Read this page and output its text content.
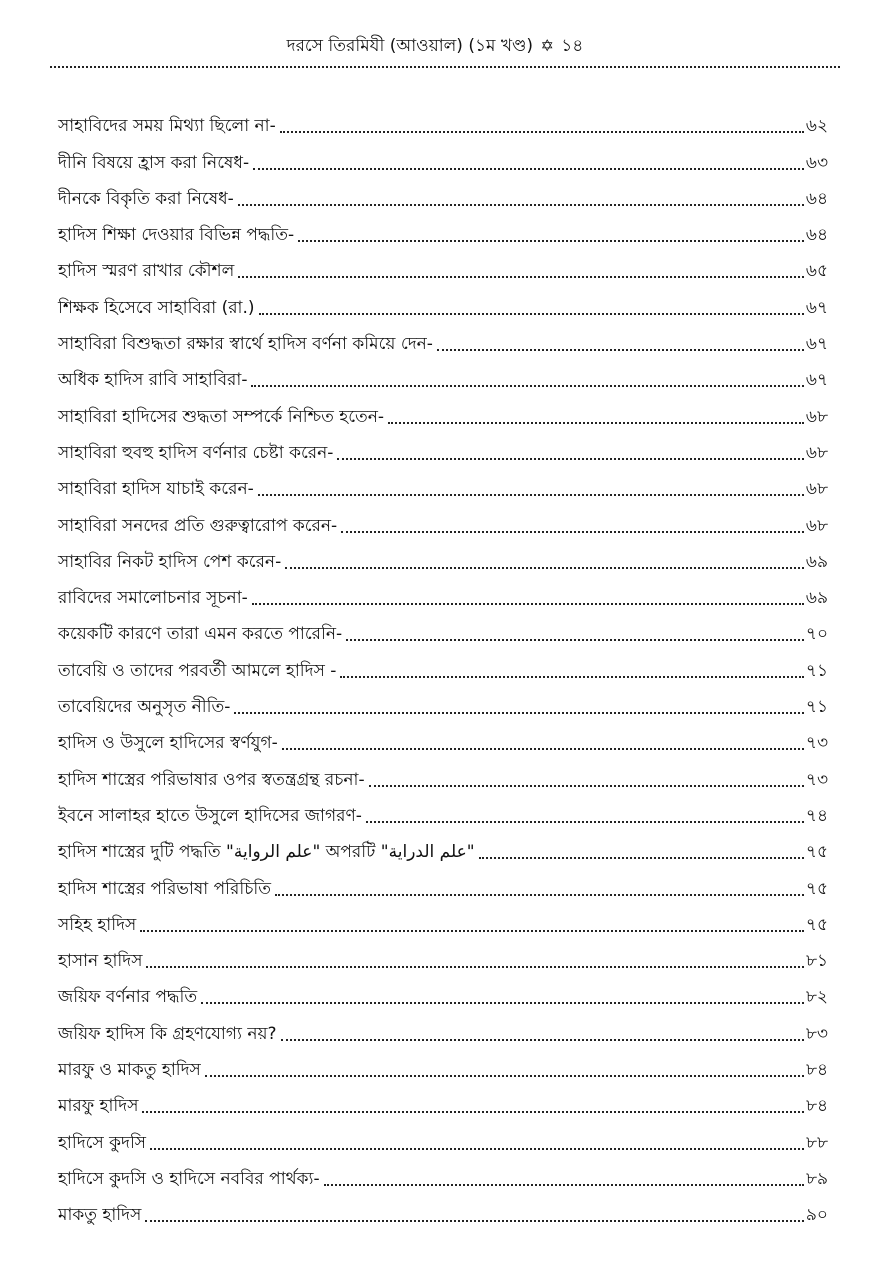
দরসে তিরমিযী (আওয়াল) (১ম খণ্ড) ✡ ১৪
সাহাবিদের সময় মিথ্যা ছিলো না-	৬২
দীনি বিষয়ে হ্রাস করা নিষেধ-	৬৩
দীনকে বিকৃতি করা নিষেধ-	৬৪
হাদিস শিক্ষা দেওয়ার বিভিন্ন পদ্ধতি-	৬৪
হাদিস স্মরণ রাখার কৌশল	৬৫
শিক্ষক হিসেবে সাহাবিরা (রা.)	৬৭
সাহাবিরা বিশুদ্ধতা রক্ষার স্বার্থে হাদিস বর্ণনা কমিয়ে দেন-	৬৭
অধিক হাদিস রাবি সাহাবিরা-	৬৭
সাহাবিরা হাদিসের শুদ্ধতা সম্পর্কে নিশ্চিত হতেন-	৬৮
সাহাবিরা হুবহু হাদিস বর্ণনার চেষ্টা করেন-	৬৮
সাহাবিরা হাদিস যাচাই করেন-	৬৮
সাহাবিরা সনদের প্রতি গুরুত্বারোপ করেন-	৬৮
সাহাবির নিকট হাদিস পেশ করেন-	৬৯
রাবিদের সমালোচনার সূচনা-	৬৯
কয়েকটি কারণে তারা এমন করতে পারেনি-	৭০
তাবেয়ি ও তাদের পরবর্তী আমলে হাদিস -	৭১
তাবেয়িদের অনুসৃত নীতি-	৭১
হাদিস ও উসুলে হাদিসের স্বর্ণযুগ-	৭৩
হাদিস শাস্ত্রের পরিভাষার ওপর স্বতন্ত্রগ্রন্থ রচনা-	৭৩
ইবনে সালাহর হাতে উসুলে হাদিসের জাগরণ-	৭৪
হাদিস শাস্ত্রের দুটি পদ্ধতি "علم الرواية" অপরটি "علم الدراية"	৭৫
হাদিস শাস্ত্রের পরিভাষা পরিচিতি	৭৫
সহিহ হাদিস	৭৫
হাসান হাদিস	৮১
জয়িফ বর্ণনার পদ্ধতি	৮২
জয়িফ হাদিস কি গ্রহণযোগ্য নয়?	৮৩
মারফু ও মাকতু হাদিস	৮৪
মারফু হাদিস	৮৪
হাদিসে কুদসি	৮৮
হাদিসে কুদসি ও হাদিসে নববির পার্থক্য-	৮৯
মাকতু হাদিস	৯০
